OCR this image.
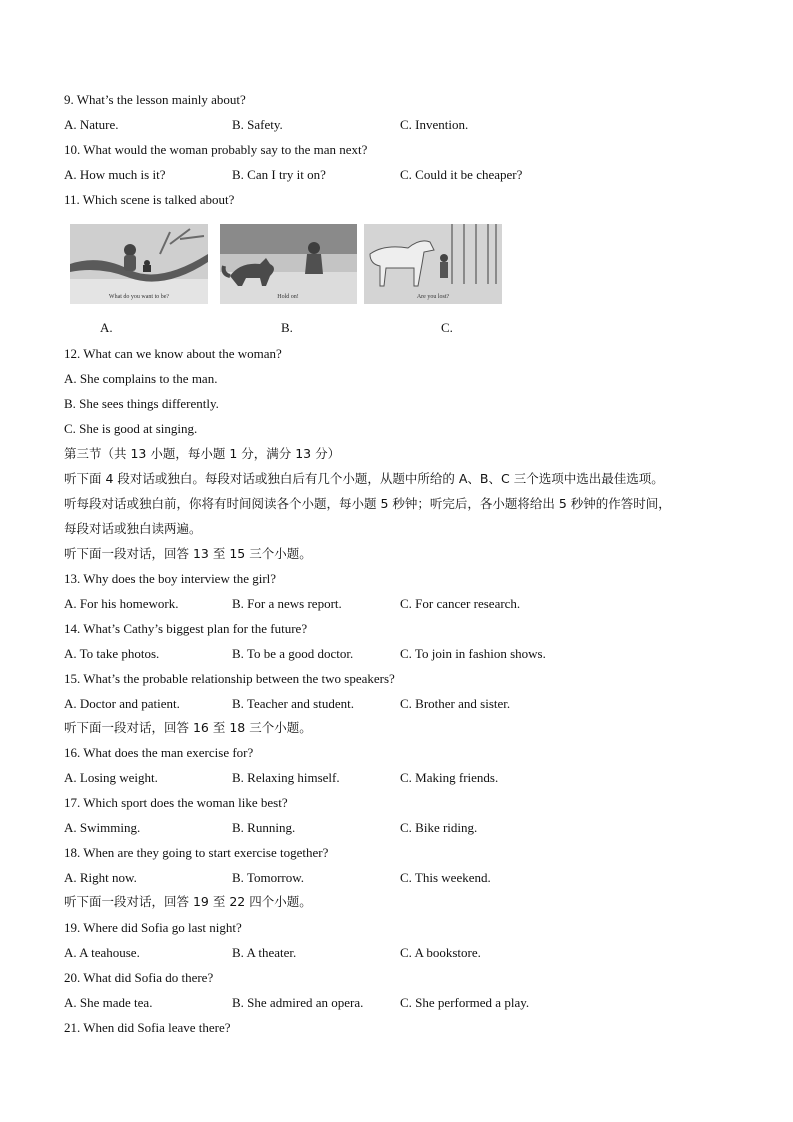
9. What’s the lesson mainly about?
A. Nature.	B. Safety.	C. Invention.
10. What would the woman probably say to the man next?
A. How much is it?	B. Can I try it on?	C. Could it be cheaper?
11. Which scene is talked about?
What do you want to be?	Hold on!	Are you lost?
A.	B.	C.
12. What can we know about the woman?
A. She complains to the man.
B. She sees things differently.
C. She is good at singing.
第三节（共 13 小题，每小题 1 分，满分 13 分）
听下面 4 段对话或独白。每段对话或独白后有几个小题，从题中所给的 A、B、C 三个选项中选出最佳选项。
听每段对话或独白前，你将有时间阅读各个小题，每小题 5 秒钟；听完后，各小题将给出 5 秒钟的作答时间，
每段对话或独白读两遍。
听下面一段对话，回答 13 至 15 三个小题。
13. Why does the boy interview the girl?
A. For his homework.	B. For a news report.	C. For cancer research.
14. What’s Cathy’s biggest plan for the future?
A. To take photos.	B. To be a good doctor.	C. To join in fashion shows.
15. What’s the probable relationship between the two speakers?
A. Doctor and patient.	B. Teacher and student.	C. Brother and sister.
听下面一段对话，回答 16 至 18 三个小题。
16. What does the man exercise for?
A. Losing weight.	B. Relaxing himself.	C. Making friends.
17. Which sport does the woman like best?
A. Swimming.	B. Running.	C. Bike riding.
18. When are they going to start exercise together?
A. Right now.	B. Tomorrow.	C. This weekend.
听下面一段对话，回答 19 至 22 四个小题。
19. Where did Sofia go last night?
A. A teahouse.	B. A theater.	C. A bookstore.
20. What did Sofia do there?
A. She made tea.	B. She admired an opera.	C. She performed a play.
21. When did Sofia leave there?
